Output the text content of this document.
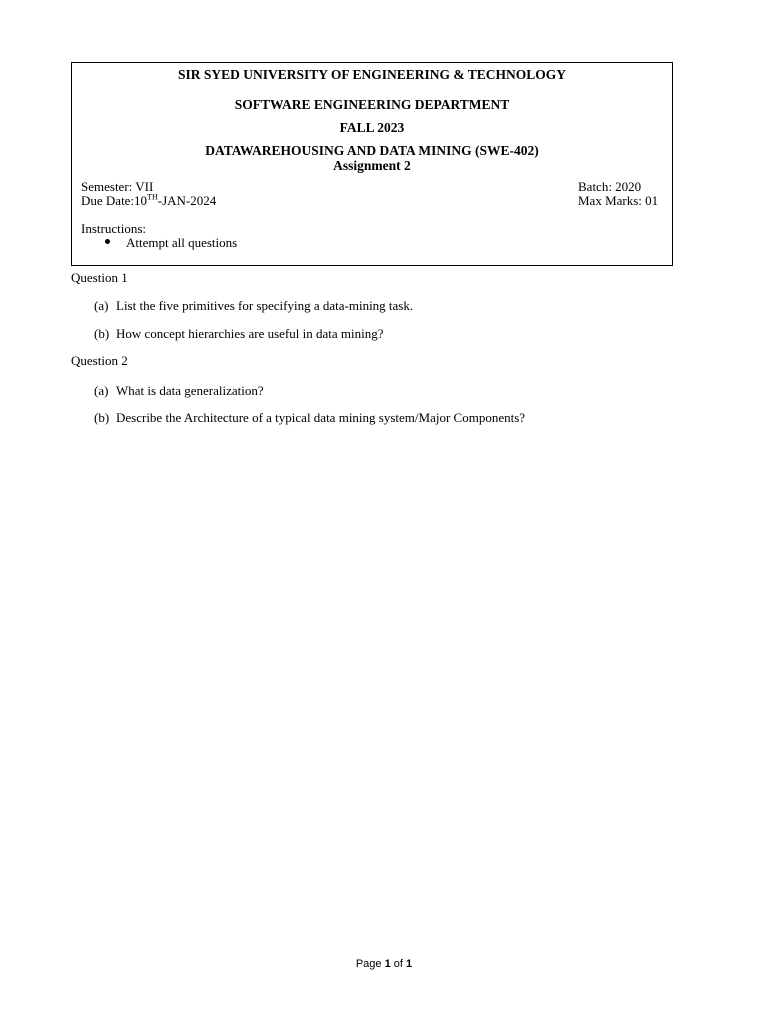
SIR SYED UNIVERSITY OF ENGINEERING & TECHNOLOGY
SOFTWARE ENGINEERING DEPARTMENT
FALL 2023
DATAWAREHOUSING AND DATA MINING (SWE-402)
Assignment 2
Semester: VII
Due Date:10TH-JAN-2024
Batch: 2020
Max Marks: 01
Instructions:
Attempt all questions
Question 1
(a) List the five primitives for specifying a data-mining task.
(b) How concept hierarchies are useful in data mining?
Question 2
(a) What is data generalization?
(b) Describe the Architecture of a typical data mining system/Major Components?
Page 1 of 1
